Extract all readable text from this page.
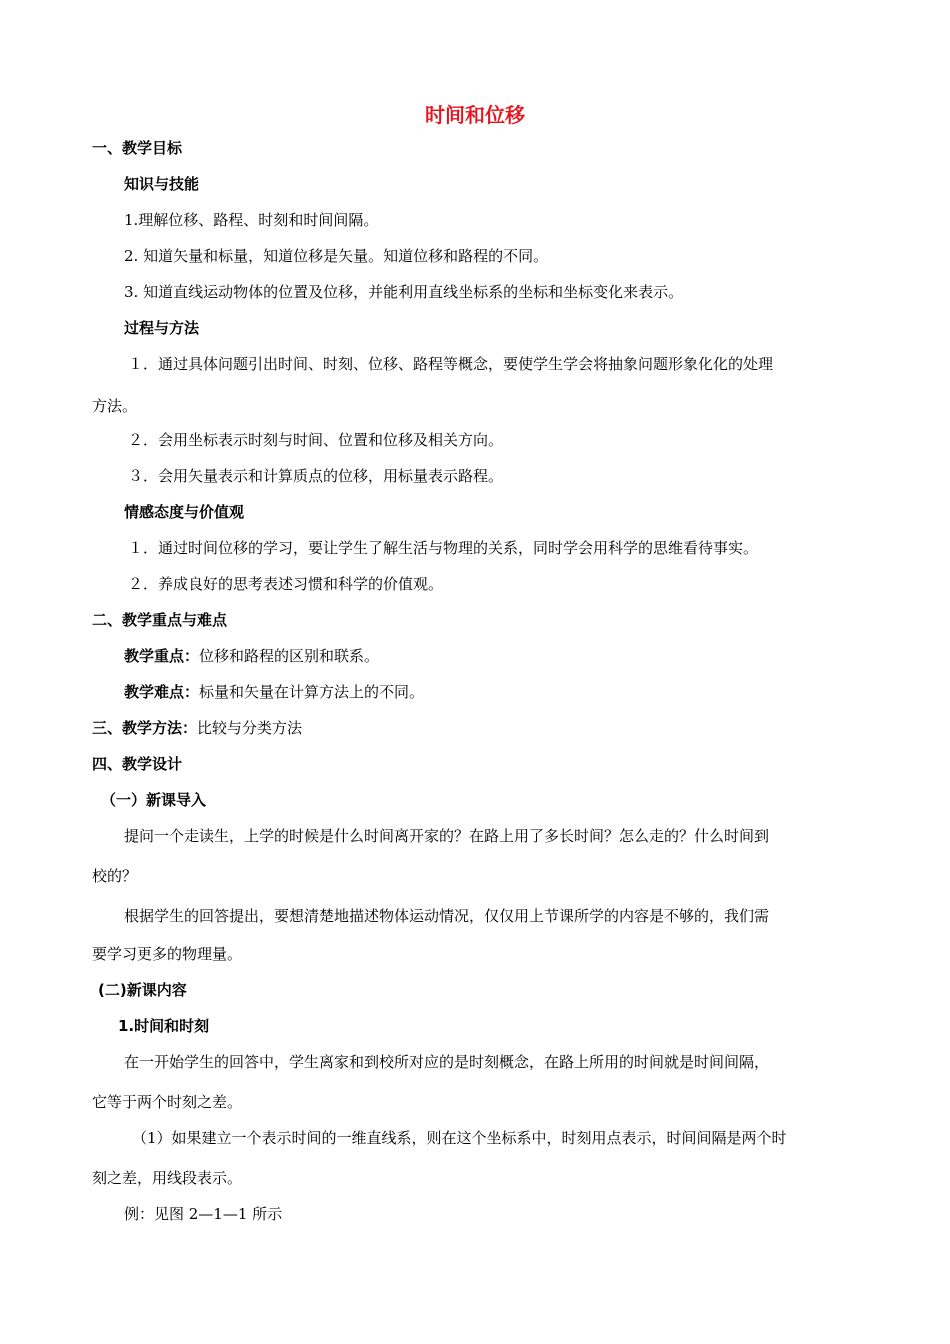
时间和位移
一、教学目标
知识与技能
1.理解位移、路程、时刻和时间间隔。
2. 知道矢量和标量，知道位移是矢量。知道位移和路程的不同。
3. 知道直线运动物体的位置及位移，并能利用直线坐标系的坐标和坐标变化来表示。
过程与方法
１．通过具体问题引出时间、时刻、位移、路程等概念，要使学生学会将抽象问题形象化化的处理
方法。
２．会用坐标表示时刻与时间、位置和位移及相关方向。
３．会用矢量表示和计算质点的位移，用标量表示路程。
情感态度与价值观
１．通过时间位移的学习，要让学生了解生活与物理的关系，同时学会用科学的思维看待事实。
２．养成良好的思考表述习惯和科学的价值观。
二、教学重点与难点
教学重点：位移和路程的区别和联系。
教学难点：标量和矢量在计算方法上的不同。
三、教学方法：比较与分类方法
四、教学设计
（一）新课导入
提问一个走读生，上学的时候是什么时间离开家的？在路上用了多长时间？怎么走的？什么时间到
校的？
根据学生的回答提出，要想清楚地描述物体运动情况，仅仅用上节课所学的内容是不够的，我们需
要学习更多的物理量。
(二)新课内容
1.时间和时刻
在一开始学生的回答中，学生离家和到校所对应的是时刻概念，在路上所用的时间就是时间间隔，
它等于两个时刻之差。
（1）如果建立一个表示时间的一维直线系，则在这个坐标系中，时刻用点表示，时间间隔是两个时
刻之差，用线段表示。
例：见图 2—1—1 所示
